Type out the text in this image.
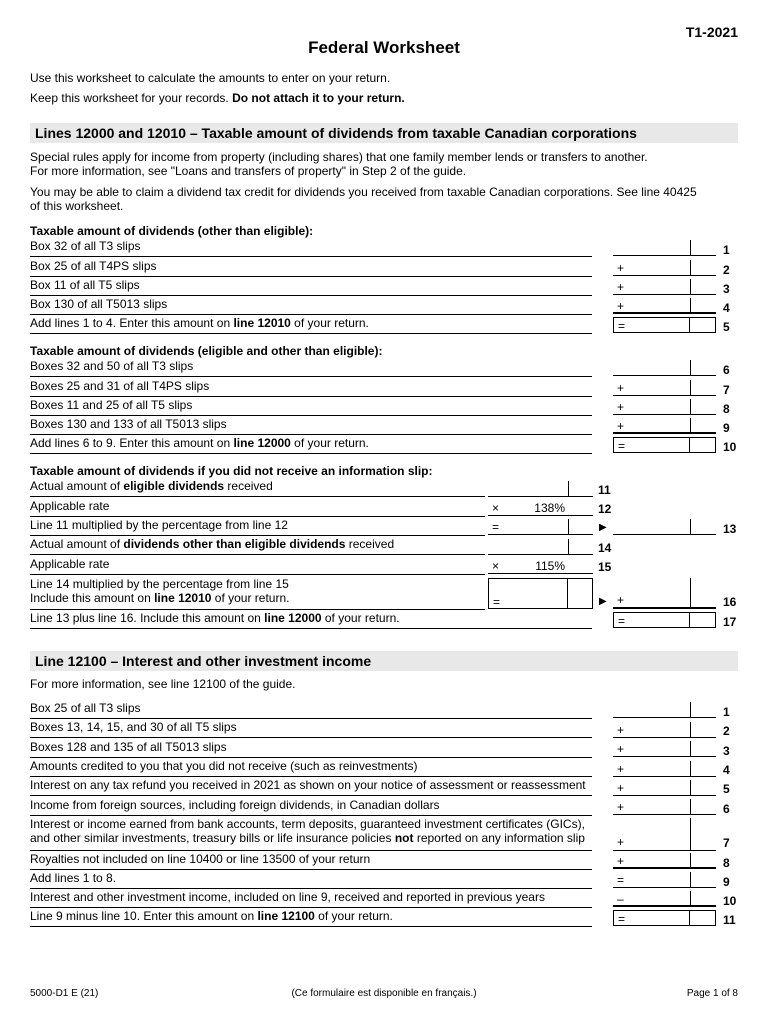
T1-2021
Federal Worksheet
Use this worksheet to calculate the amounts to enter on your return.
Keep this worksheet for your records. Do not attach it to your return.
Lines 12000 and 12010 – Taxable amount of dividends from taxable Canadian corporations
Special rules apply for income from property (including shares) that one family member lends or transfers to another.
For more information, see "Loans and transfers of property" in Step 2 of the guide.
You may be able to claim a dividend tax credit for dividends you received from taxable Canadian corporations. See line 40425
of this worksheet.
Taxable amount of dividends (other than eligible):
Box 32 of all T3 slips	1
Box 25 of all T4PS slips	+	2
Box 11 of all T5 slips	+	3
Box 130 of all T5013 slips	+	4
Add lines 1 to 4. Enter this amount on line 12010 of your return.	=	5
Taxable amount of dividends (eligible and other than eligible):
Boxes 32 and 50 of all T3 slips	6
Boxes 25 and 31 of all T4PS slips	+	7
Boxes 11 and 25 of all T5 slips	+	8
Boxes 130 and 133 of all T5013 slips	+	9
Add lines 6 to 9. Enter this amount on line 12000 of your return.	=	10
Taxable amount of dividends if you did not receive an information slip:
Actual amount of eligible dividends received	11
Applicable rate	×	138%	12
Line 11 multiplied by the percentage from line 12	=	▶	13
Actual amount of dividends other than eligible dividends received	14
Applicable rate	×	115%	15
Line 14 multiplied by the percentage from line 15
Include this amount on line 12010 of your return.	=	▶ +	16
Line 13 plus line 16. Include this amount on line 12000 of your return.	=	17
Line 12100 – Interest and other investment income
For more information, see line 12100 of the guide.
Box 25 of all T3 slips	1
Boxes 13, 14, 15, and 30 of all T5 slips	+	2
Boxes 128 and 135 of all T5013 slips	+	3
Amounts credited to you that you did not receive (such as reinvestments)	+	4
Interest on any tax refund you received in 2021 as shown on your notice of assessment or reassessment	+	5
Income from foreign sources, including foreign dividends, in Canadian dollars	+	6
Interest or income earned from bank accounts, term deposits, guaranteed investment certificates (GICs),
and other similar investments, treasury bills or life insurance policies not reported on any information slip	+	7
Royalties not included on line 10400 or line 13500 of your return	+	8
Add lines 1 to 8.	=	9
Interest and other investment income, included on line 9, received and reported in previous years	–	10
Line 9 minus line 10. Enter this amount on line 12100 of your return.	=	11
5000-D1 E (21)	(Ce formulaire est disponible en français.)	Page 1 of 8
